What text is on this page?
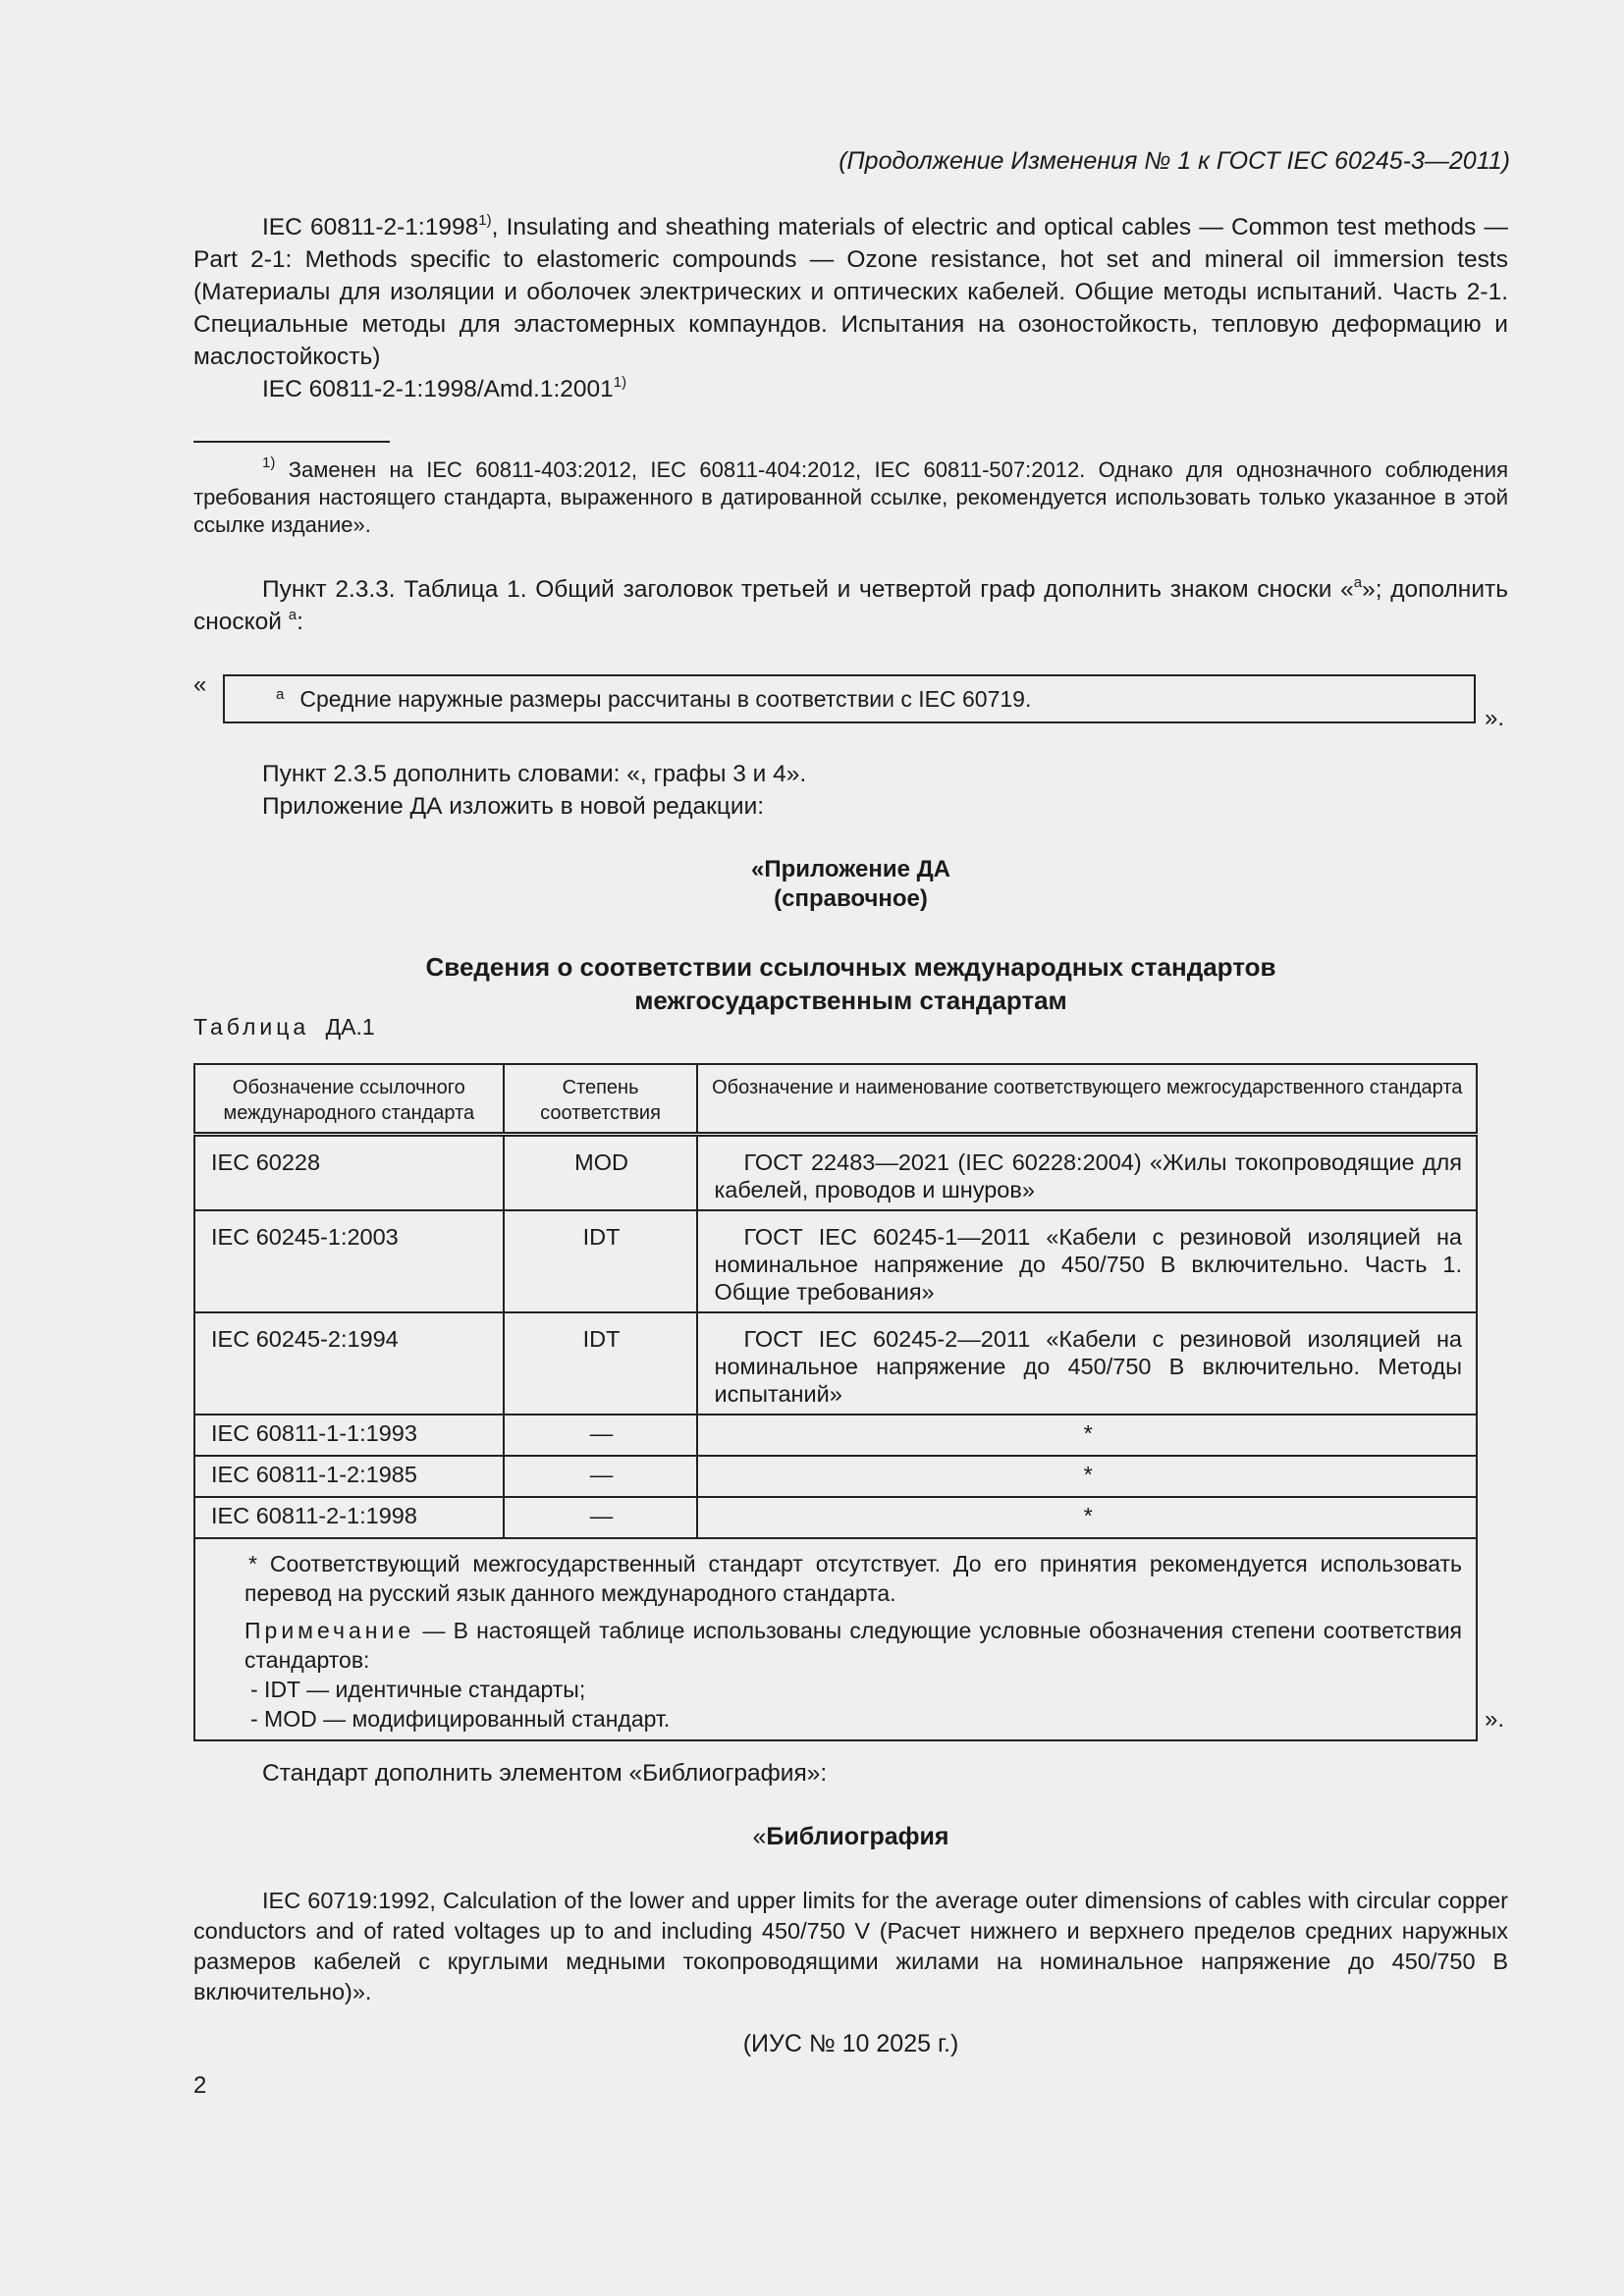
(Продолжение Изменения № 1 к ГОСТ IEC 60245-3—2011)
IEC 60811-2-1:1998$^{1)}$, Insulating and sheathing materials of electric and optical cables — Common test methods — Part 2-1: Methods specific to elastomeric compounds — Ozone resistance, hot set and mineral oil immersion tests (Материалы для изоляции и оболочек электрических и оптических кабелей. Общие методы испытаний. Часть 2-1. Специальные методы для эластомерных компаундов. Испытания на озоностойкость, тепловую деформацию и маслостойкость)
IEC 60811-2-1:1998/Amd.1:2001$^{1)}$
$^{1)}$ Заменен на IEC 60811-403:2012, IEC 60811-404:2012, IEC 60811-507:2012. Однако для однозначного соблюдения требования настоящего стандарта, выраженного в датированной ссылке, рекомендуется использовать только указанное в этой ссылке издание».
Пункт 2.3.3. Таблица 1. Общий заголовок третьей и четвертой граф дополнить знаком сноски «$^а$»; дополнить сноской $^а$:
«	$^а$ Средние наружные размеры рассчитаны в соответствии с IEC 60719.
».
Пункт 2.3.5 дополнить словами: «, графы 3 и 4».
Приложение ДА изложить в новой редакции:
«Приложение ДА
(справочное)
Сведения о соответствии ссылочных международных стандартов
межгосударственным стандартам
Таблица ДА.1
Обозначение ссылочного международного стандарта	Степень соответствия	Обозначение и наименование соответствующего межгосударственного стандарта
IEC 60228	MOD	ГОСТ 22483—2021 (IEC 60228:2004) «Жилы токопроводящие для кабелей, проводов и шнуров»
IEC 60245-1:2003	IDT	ГОСТ IEC 60245-1—2011 «Кабели с резиновой изоляцией на номинальное напряжение до 450/750 В включительно. Часть 1. Общие требования»
IEC 60245-2:1994	IDT	ГОСТ IEC 60245-2—2011 «Кабели с резиновой изоляцией на номинальное напряжение до 450/750 В включительно. Методы испытаний»
IEC 60811-1-1:1993	—	*
IEC 60811-1-2:1985	—	*
IEC 60811-2-1:1998	—	*

* Соответствующий межгосударственный стандарт отсутствует. До его принятия рекомендуется использовать перевод на русский язык данного международного стандарта.
Примечание — В настоящей таблице использованы следующие условные обозначения степени соответствия стандартов:
- IDT — идентичные стандарты;
- MOD — модифицированный стандарт.			».
Стандарт дополнить элементом «Библиография»:
«Библиография
IEC 60719:1992, Calculation of the lower and upper limits for the average outer dimensions of cables with circular copper conductors and of rated voltages up to and including 450/750 V (Расчет нижнего и верхнего пределов средних наружных размеров кабелей с круглыми медными токопроводящими жилами на номинальное напряжение до 450/750 В включительно)».
(ИУС № 10 2025 г.)
2
